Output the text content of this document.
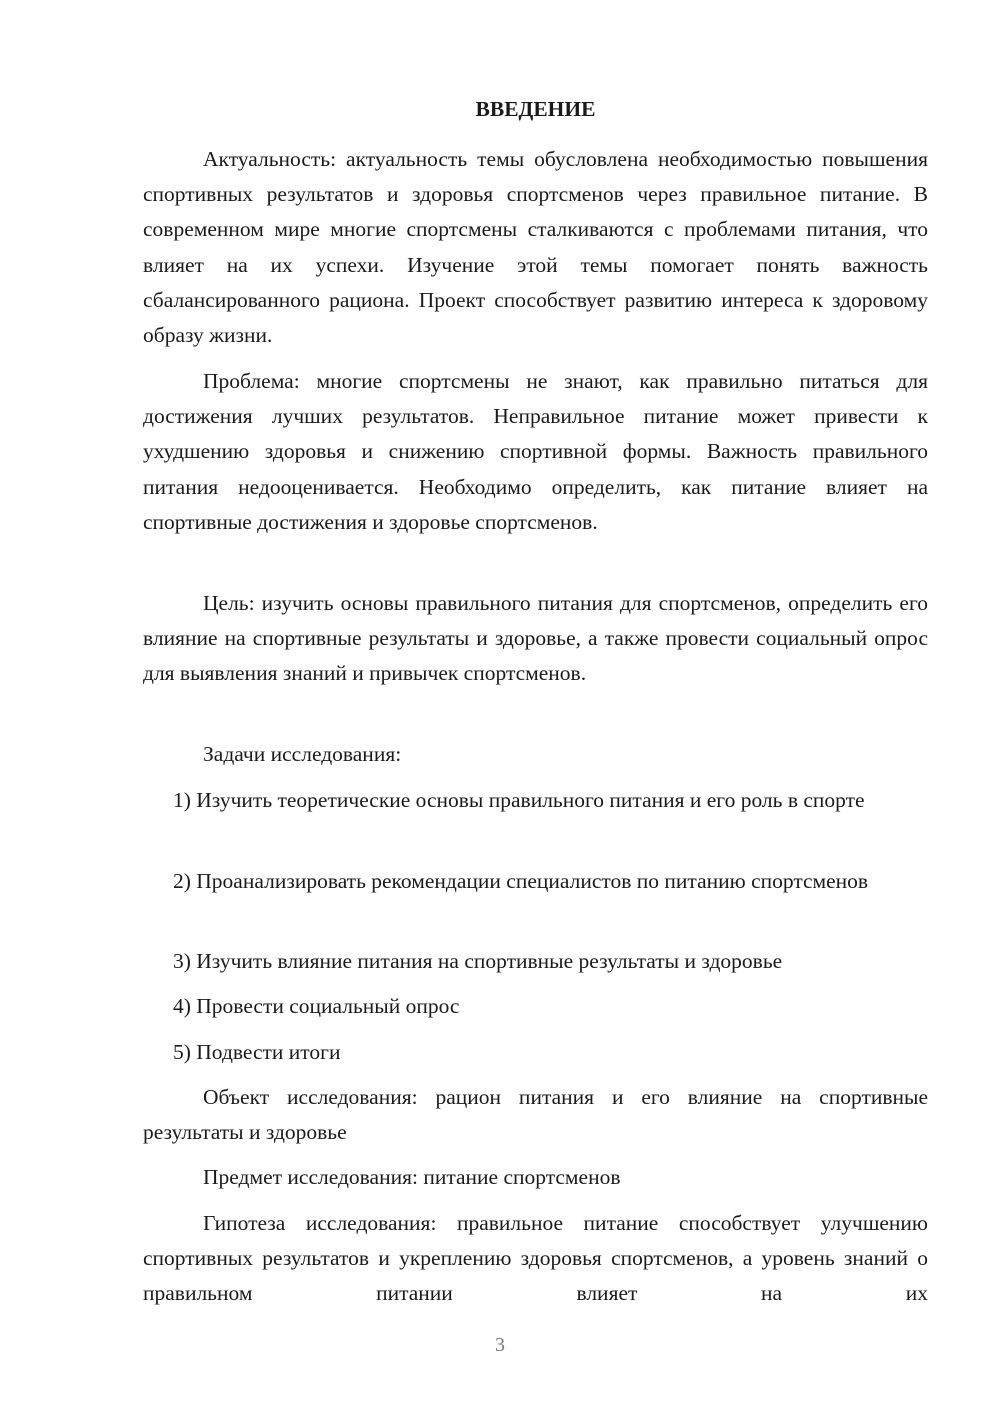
ВВЕДЕНИЕ

Актуальность: актуальность темы обусловлена необходимостью повышения спортивных результатов и здоровья спортсменов через правильное питание. В современном мире многие спортсмены сталкиваются с проблемами питания, что влияет на их успехи. Изучение этой темы помогает понять важность сбалансированного рациона. Проект способствует развитию интереса к здоровому образу жизни.

Проблема: многие спортсмены не знают, как правильно питаться для достижения лучших результатов. Неправильное питание может привести к ухудшению здоровья и снижению спортивной формы. Важность правильного питания недооценивается. Необходимо определить, как питание влияет на спортивные достижения и здоровье спортсменов.

Цель: изучить основы правильного питания для спортсменов, определить его влияние на спортивные результаты и здоровье, а также провести социальный опрос для выявления знаний и привычек спортсменов.

Задачи исследования:

1) Изучить теоретические основы правильного питания и его роль в спорте

2) Проанализировать рекомендации специалистов по питанию спортсменов

3) Изучить влияние питания на спортивные результаты и здоровье

4) Провести социальный опрос

5) Подвести итоги

Объект исследования: рацион питания и его влияние на спортивные результаты и здоровье

Предмет исследования: питание спортсменов

Гипотеза исследования: правильное питание способствует улучшению спортивных результатов и укреплению здоровья спортсменов, а уровень знаний о правильном питании влияет на их

3
